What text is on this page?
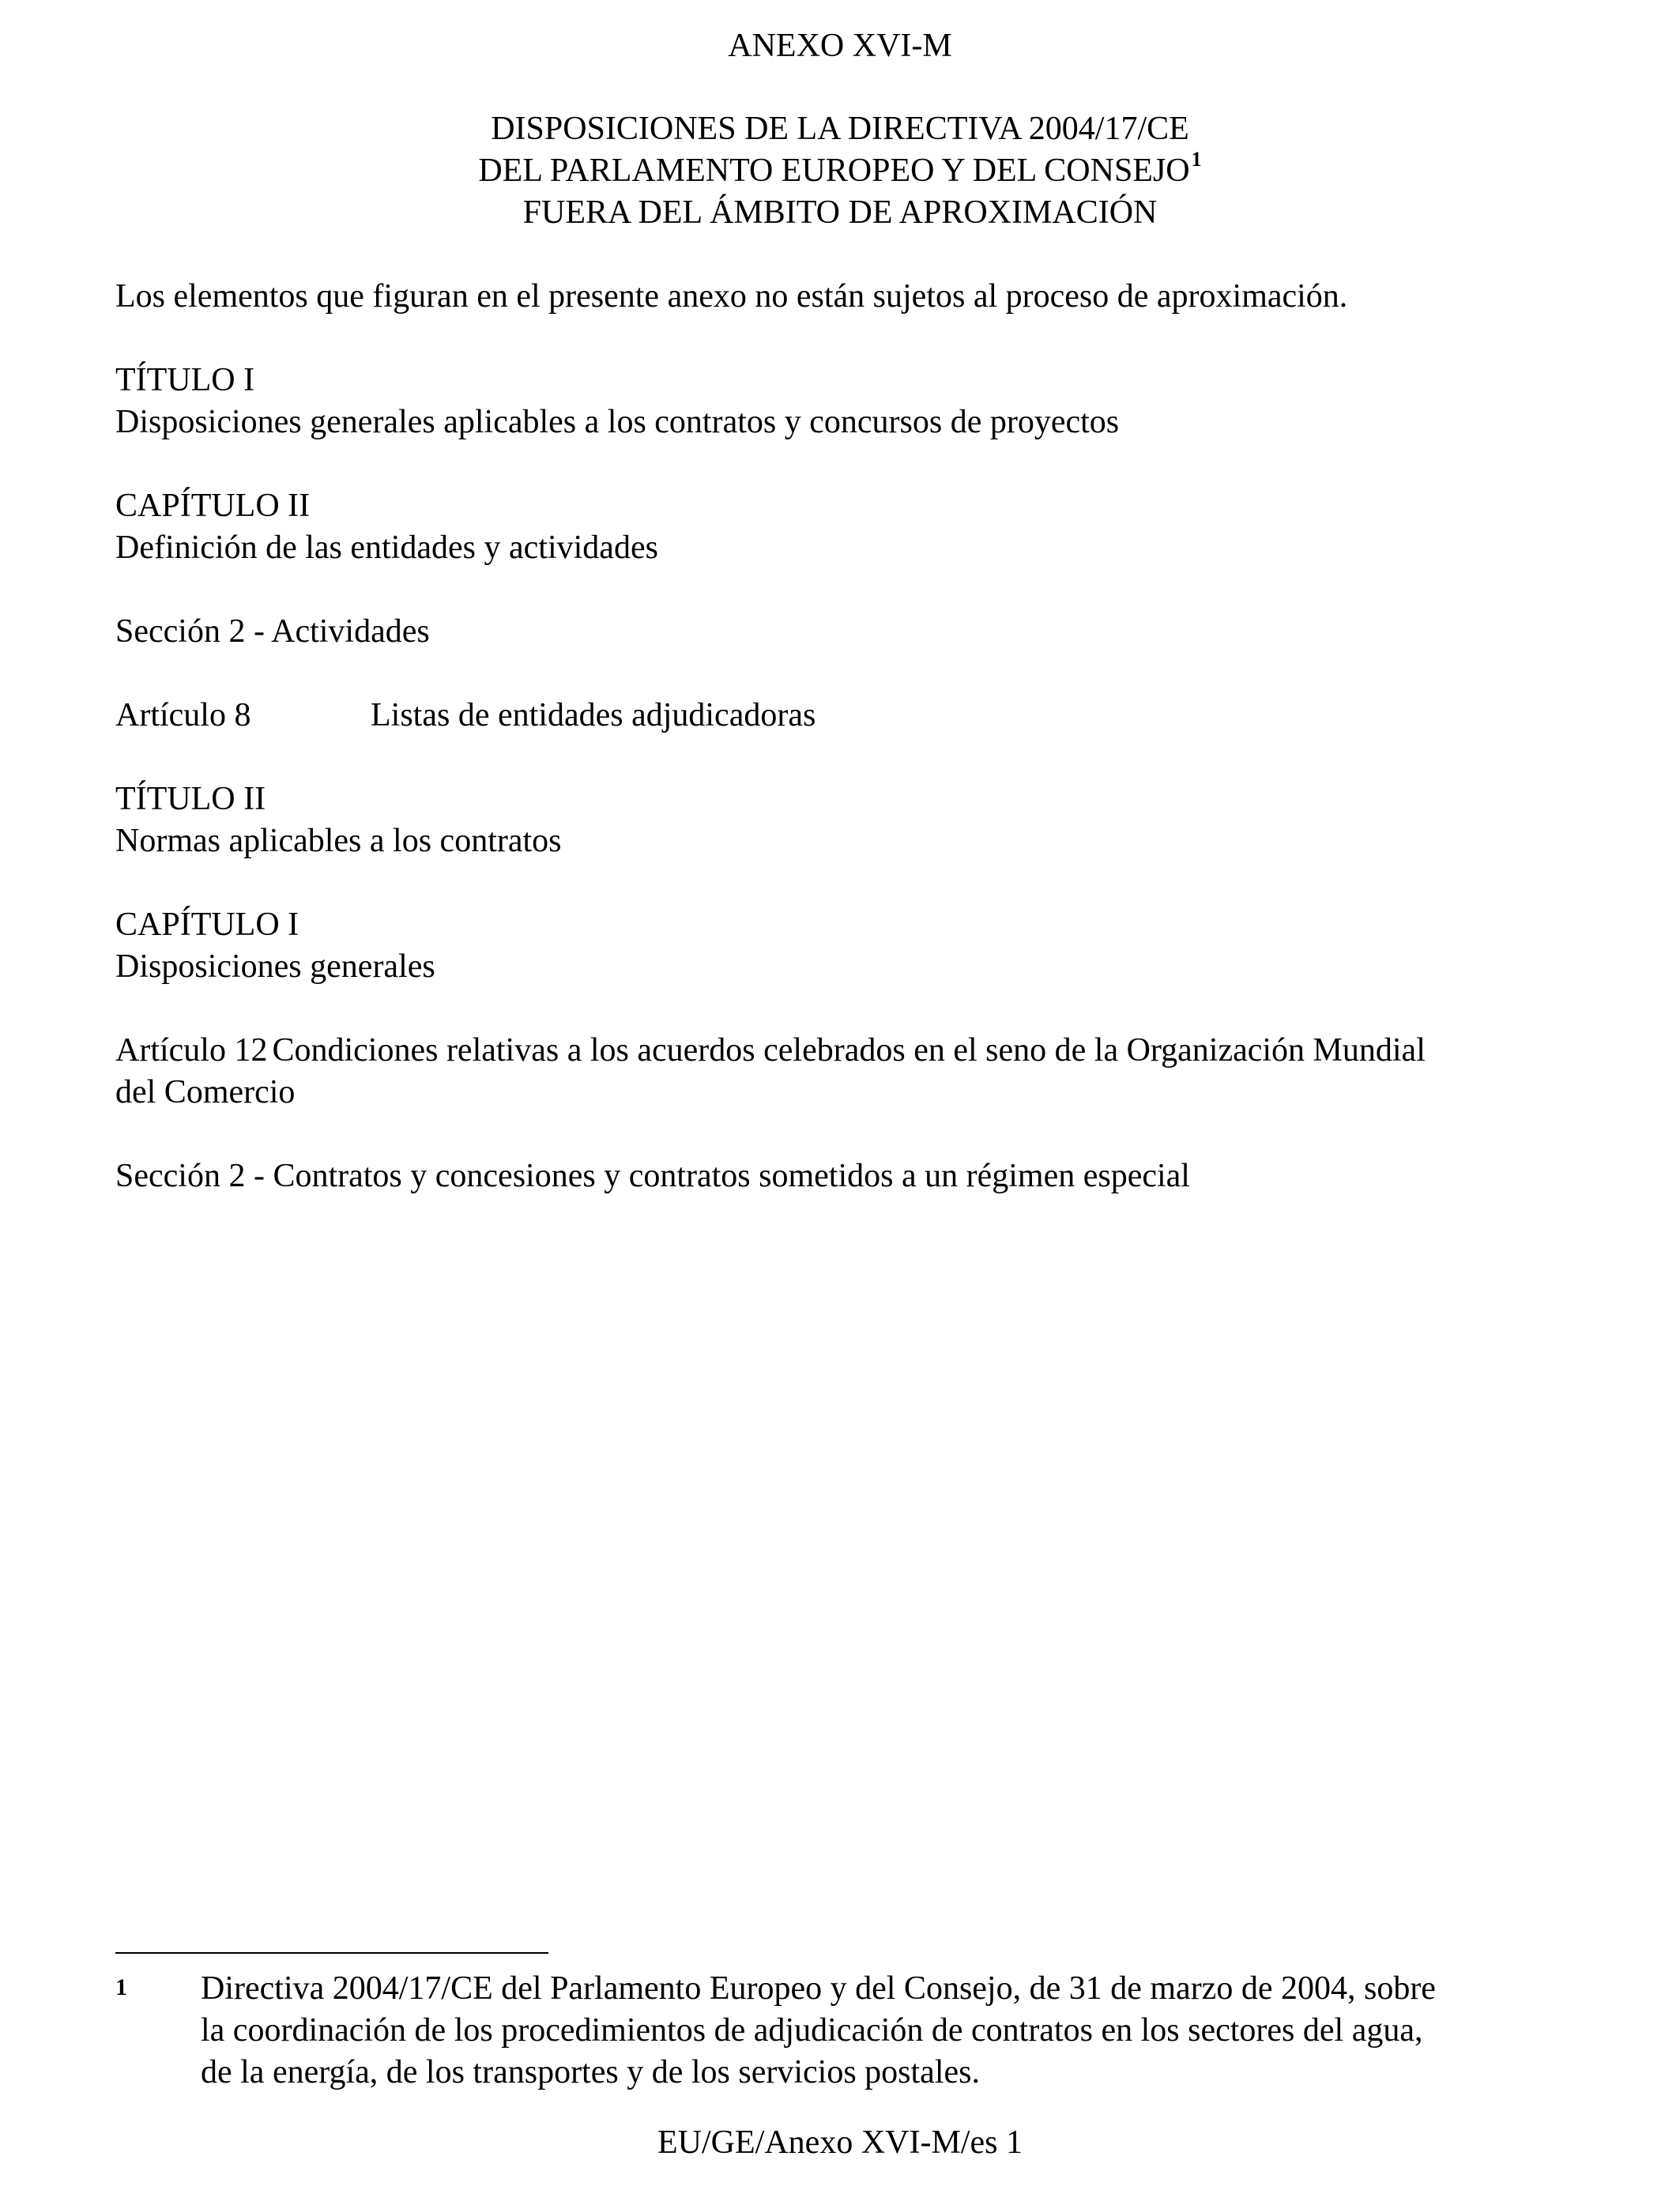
ANEXO XVI-M
DISPOSICIONES DE LA DIRECTIVA 2004/17/CE
DEL PARLAMENTO EUROPEO Y DEL CONSEJO$^1$
FUERA DEL ÁMBITO DE APROXIMACIÓN
Los elementos que figuran en el presente anexo no están sujetos al proceso de aproximación.
TÍTULO I
Disposiciones generales aplicables a los contratos y concursos de proyectos
CAPÍTULO II
Definición de las entidades y actividades
Sección 2 - Actividades
Artículo 8	Listas de entidades adjudicadoras
TÍTULO II
Normas aplicables a los contratos
CAPÍTULO I
Disposiciones generales
Artículo 12 Condiciones relativas a los acuerdos celebrados en el seno de la Organización Mundial
del Comercio
Sección 2 - Contratos y concesiones y contratos sometidos a un régimen especial
1 Directiva 2004/17/CE del Parlamento Europeo y del Consejo, de 31 de marzo de 2004, sobre
la coordinación de los procedimientos de adjudicación de contratos en los sectores del agua,
de la energía, de los transportes y de los servicios postales.
EU/GE/Anexo XVI-M/es 1
